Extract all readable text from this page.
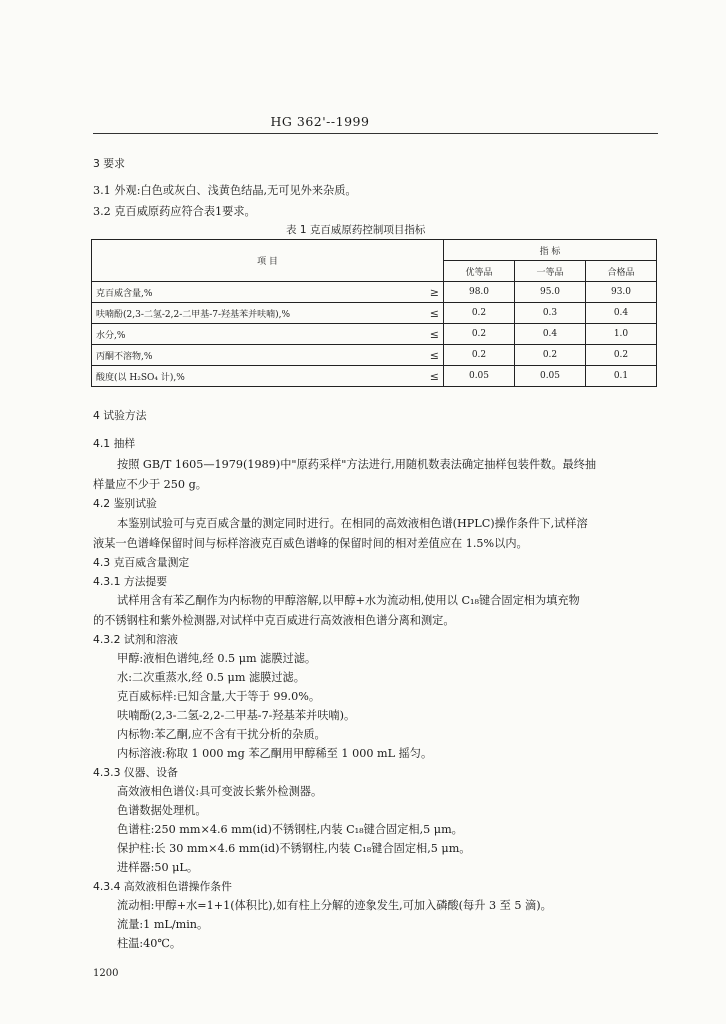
HG 362'--1999
3 要求
3.1 外观:白色或灰白、浅黄色结晶,无可见外来杂质。
3.2 克百威原药应符合表1要求。
表 1 克百威原药控制项目指标
项 目		指 标		
		优等品	一等品	合格品
克百威含量,%	≥	98.0	95.0	93.0
呋喃酚(2,3-二氢-2,2-二甲基-7-羟基苯并呋喃),%	≤	0.2	0.3	0.4
水分,%	≤	0.2	0.4	1.0
丙酮不溶物,%	≤	0.2	0.2	0.2
酸度(以 H₂SO₄ 计),%	≤	0.05	0.05	0.1
4 试验方法
4.1 抽样
按照 GB/T 1605—1979(1989)中"原药采样"方法进行,用随机数表法确定抽样包装件数。最终抽
样量应不少于 250 g。
4.2 鉴别试验
本鉴别试验可与克百威含量的测定同时进行。在相同的高效液相色谱(HPLC)操作条件下,试样溶
液某一色谱峰保留时间与标样溶液克百威色谱峰的保留时间的相对差值应在 1.5%以内。
4.3 克百威含量测定
4.3.1 方法提要
试样用含有苯乙酮作为内标物的甲醇溶解,以甲醇+水为流动相,使用以 C₁₈键合固定相为填充物
的不锈钢柱和紫外检测器,对试样中克百威进行高效液相色谱分离和测定。
4.3.2 试剂和溶液
甲醇:液相色谱纯,经 0.5 μm 滤膜过滤。
水:二次重蒸水,经 0.5 μm 滤膜过滤。
克百威标样:已知含量,大于等于 99.0%。
呋喃酚(2,3-二氢-2,2-二甲基-7-羟基苯并呋喃)。
内标物:苯乙酮,应不含有干扰分析的杂质。
内标溶液:称取 1 000 mg 苯乙酮用甲醇稀至 1 000 mL 摇匀。
4.3.3 仪器、设备
高效液相色谱仪:具可变波长紫外检测器。
色谱数据处理机。
色谱柱:250 mm×4.6 mm(id)不锈钢柱,内装 C₁₈键合固定相,5 μm。
保护柱:长 30 mm×4.6 mm(id)不锈钢柱,内装 C₁₈键合固定相,5 μm。
进样器:50 μL。
4.3.4 高效液相色谱操作条件
流动相:甲醇+水=1+1(体积比),如有柱上分解的迹象发生,可加入磷酸(每升 3 至 5 滴)。
流量:1 mL/min。
柱温:40℃。
1200
